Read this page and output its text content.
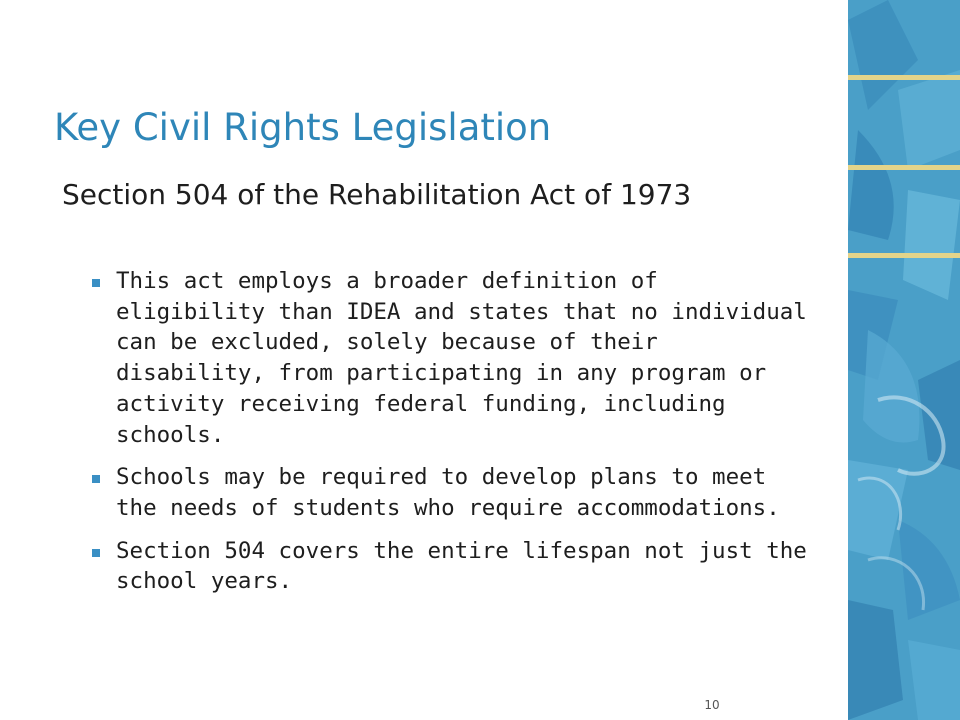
Key Civil Rights Legislation

Section 504 of the Rehabilitation Act of 1973

This act employs a broader definition of eligibility than IDEA and states that no individual can be excluded, solely because of their disability, from participating in any program or activity receiving federal funding, including schools.
Schools may be required to develop plans to meet the needs of students who require accommodations.
Section 504 covers the entire lifespan not just the school years.
10
